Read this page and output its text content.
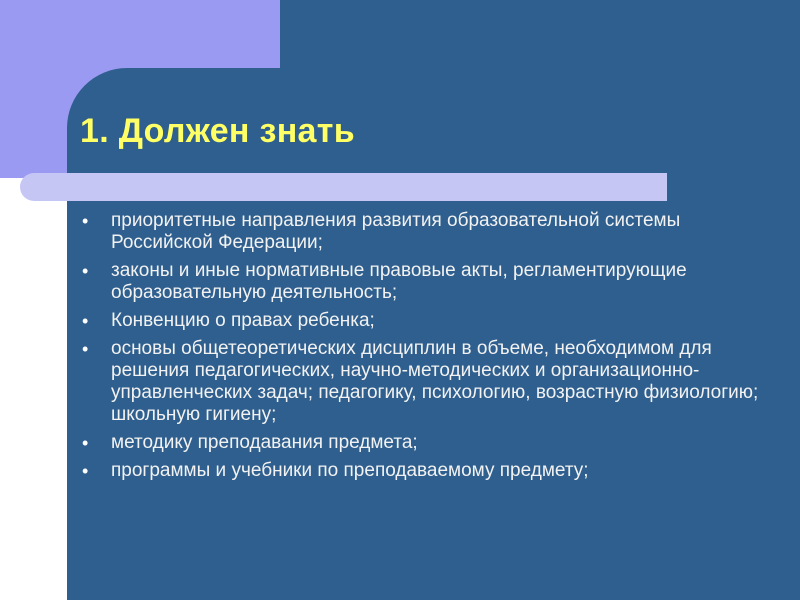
1. Должен знать
• приоритетные направления развития образовательной системы Российской Федерации;
• законы и иные нормативные правовые акты, регламентирующие образовательную деятельность;
• Конвенцию о правах ребенка;
• основы общетеоретических дисциплин в объеме, необходимом для решения педагогических, научно-методических и организационно-управленческих задач; педагогику, психологию, возрастную физиологию; школьную гигиену;
• методику преподавания предмета;
• программы и учебники по преподаваемому предмету;
